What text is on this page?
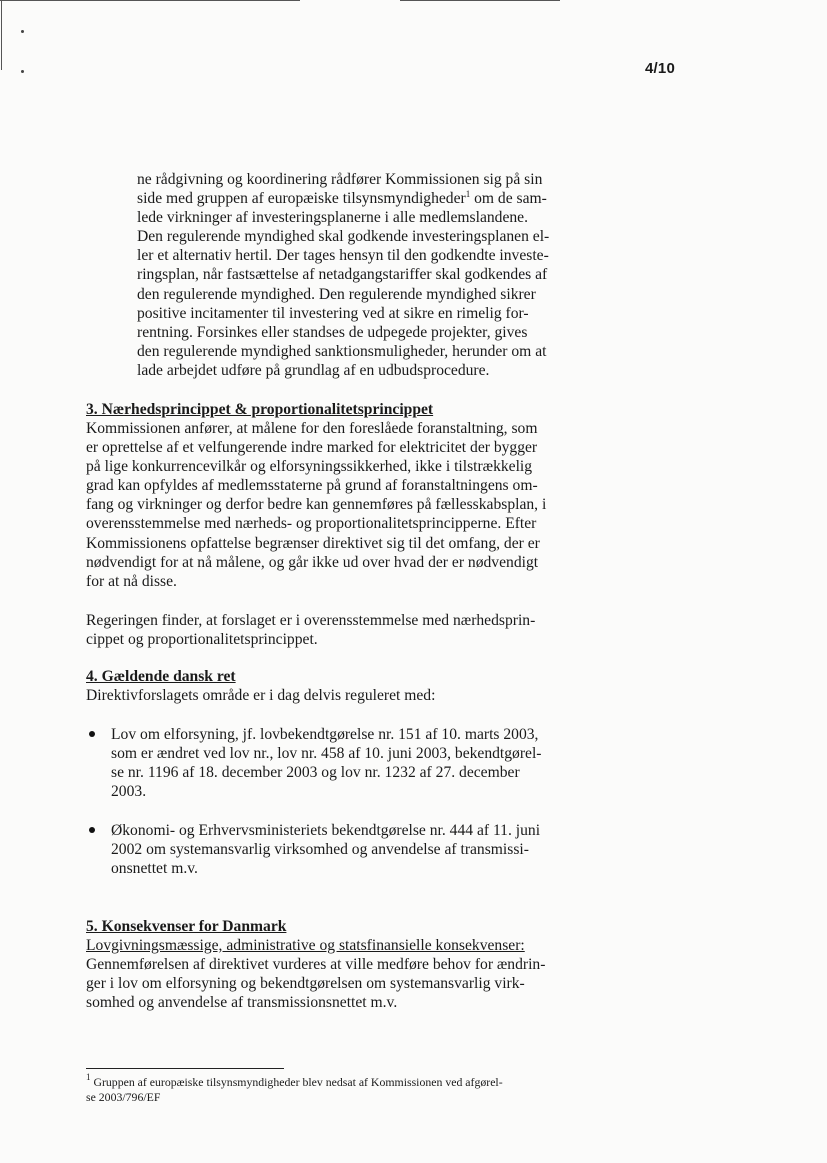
4/10
ne rådgivning og koordinering rådfører Kommissionen sig på sin
side med gruppen af europæiske tilsynsmyndigheder$^1$ om de sam-
lede virkninger af investeringsplanerne i alle medlemslandene.
Den regulerende myndighed skal godkende investeringsplanen el-
ler et alternativ hertil. Der tages hensyn til den godkendte investe-
ringsplan, når fastsættelse af netadgangstariffer skal godkendes af
den regulerende myndighed. Den regulerende myndighed sikrer
positive incitamenter til investering ved at sikre en rimelig for-
rentning. Forsinkes eller standses de udpegede projekter, gives
den regulerende myndighed sanktionsmuligheder, herunder om at
lade arbejdet udføre på grundlag af en udbudsprocedure.
3. Nærhedsprincippet & proportionalitetsprincippet
Kommissionen anfører, at målene for den foreslåede foranstaltning, som
er oprettelse af et velfungerende indre marked for elektricitet der bygger
på lige konkurrencevilkår og elforsyningssikkerhed, ikke i tilstrækkelig
grad kan opfyldes af medlemsstaterne på grund af foranstaltningens om-
fang og virkninger og derfor bedre kan gennemføres på fællesskabsplan, i
overensstemmelse med nærheds- og proportionalitetsprincipperne. Efter
Kommissionens opfattelse begrænser direktivet sig til det omfang, der er
nødvendigt for at nå målene, og går ikke ud over hvad der er nødvendigt
for at nå disse.
Regeringen finder, at forslaget er i overensstemmelse med nærhedsprin-
cippet og proportionalitetsprincippet.
4. Gældende dansk ret
Direktivforslagets område er i dag delvis reguleret med:
Lov om elforsyning, jf. lovbekendtgørelse nr. 151 af 10. marts 2003,
som er ændret ved lov nr., lov nr. 458 af 10. juni 2003, bekendtgørel-
se nr. 1196 af 18. december 2003 og lov nr. 1232 af 27. december
2003.
Økonomi- og Erhvervsministeriets bekendtgørelse nr. 444 af 11. juni
2002 om systemansvarlig virksomhed og anvendelse af transmissi-
onsnettet m.v.
5. Konsekvenser for Danmark
Lovgivningsmæssige, administrative og statsfinansielle konsekvenser:
Gennemførelsen af direktivet vurderes at ville medføre behov for ændrin-
ger i lov om elforsyning og bekendtgørelsen om systemansvarlig virk-
somhed og anvendelse af transmissionsnettet m.v.
$^1$ Gruppen af europæiske tilsynsmyndigheder blev nedsat af Kommissionen ved afgørel-
se 2003/796/EF
